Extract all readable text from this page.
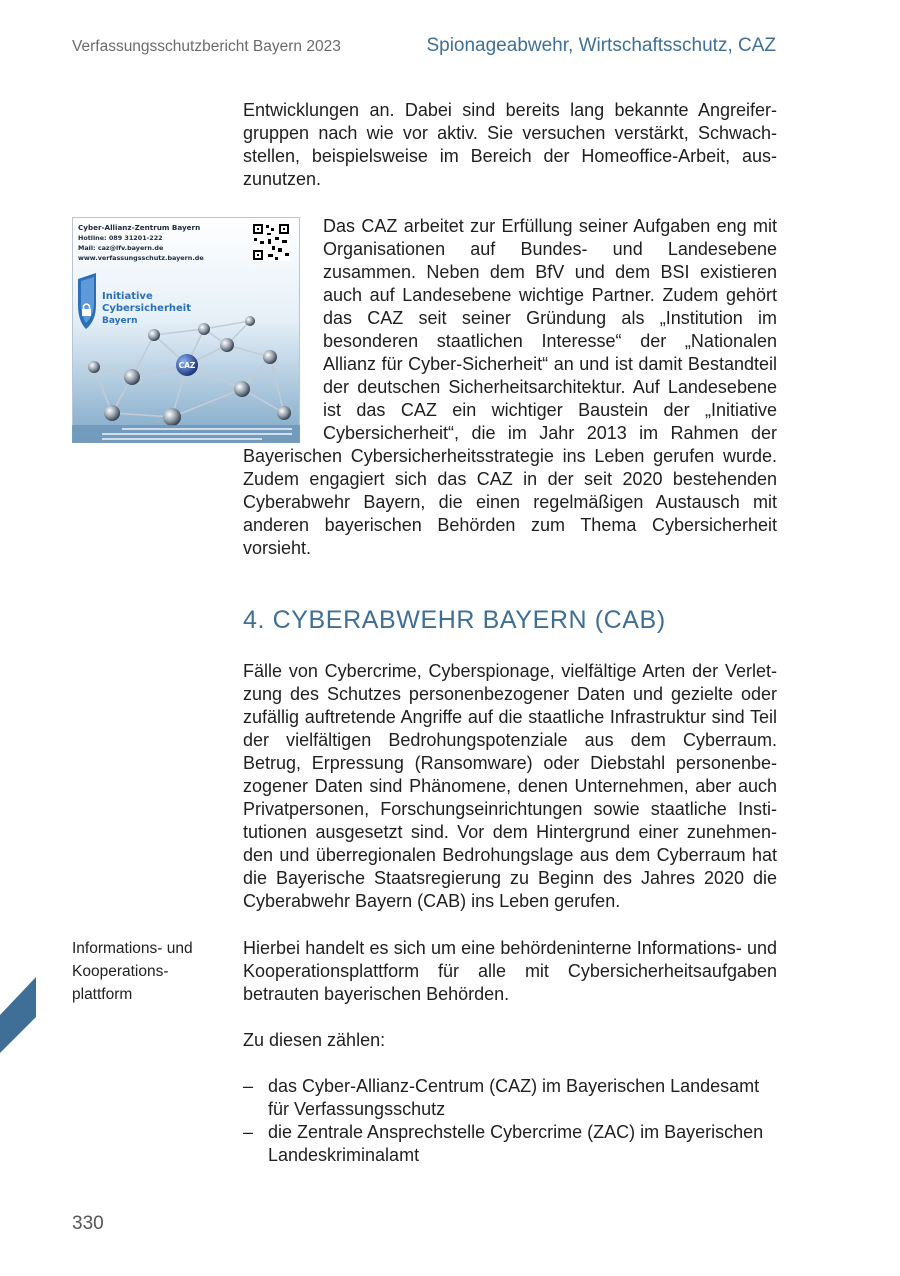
Verfassungsschutzbericht Bayern 2023	Spionageabwehr, Wirtschaftsschutz, CAZ

Entwicklungen an. Dabei sind bereits lang bekannte Angreifergruppen nach wie vor aktiv. Sie versuchen verstärkt, Schwachstellen, beispielsweise im Bereich der Homeoffice-Arbeit, auszunutzen.

Cyber-Allianz-Zentrum Bayern
Hotline: 089 31201-222
Mail: caz@lfv.bayern.de
www.verfassungsschutz.bayern.de
Initiative
Cybersicherheit
Bayern
CAZ
Das CAZ arbeitet zur Erfüllung seiner Aufgaben eng mit Organisationen auf Bundes- und Landesebene zusammen. Neben dem BfV und dem BSI existieren auch auf Landesebene wichtige Partner. Zudem gehört das CAZ seit seiner Gründung als „Institution im besonderen staatlichen Interesse“ der „Nationalen Allianz für Cyber-Sicherheit“ an und ist damit Bestandteil der deutschen Sicherheitsarchitektur. Auf Landesebene ist das CAZ ein wichtiger Baustein der „Initiative Cybersicherheit“, die im Jahr 2013 im Rahmen der Bayerischen Cybersicherheitsstrategie ins Leben gerufen wurde. Zudem engagiert sich das CAZ in der seit 2020 bestehenden Cyberabwehr Bayern, die einen regelmäßigen Austausch mit anderen bayerischen Behörden zum Thema Cybersicherheit vorsieht.
4. CYBERABWEHR BAYERN (CAB)

Fälle von Cybercrime, Cyberspionage, vielfältige Arten der Verletzung des Schutzes personenbezogener Daten und gezielte oder zufällig auftretende Angriffe auf die staatliche Infrastruktur sind Teil der vielfältigen Bedrohungspotenziale aus dem Cyberraum. Betrug, Erpressung (Ransomware) oder Diebstahl personenbezogener Daten sind Phänomene, denen Unternehmen, aber auch Privatpersonen, Forschungseinrichtungen sowie staatliche Institutionen ausgesetzt sind. Vor dem Hintergrund einer zunehmenden und überregionalen Bedrohungslage aus dem Cyberraum hat die Bayerische Staatsregierung zu Beginn des Jahres 2020 die Cyberabwehr Bayern (CAB) ins Leben gerufen.

Informations- und
Kooperations-
plattform

Hierbei handelt es sich um eine behördeninterne Informations- und Kooperationsplattform für alle mit Cybersicherheitsaufgaben betrauten bayerischen Behörden.

Zu diesen zählen:

– das Cyber-Allianz-Centrum (CAZ) im Bayerischen Landesamt für Verfassungsschutz
– die Zentrale Ansprechstelle Cybercrime (ZAC) im Bayerischen Landeskriminalamt
330
